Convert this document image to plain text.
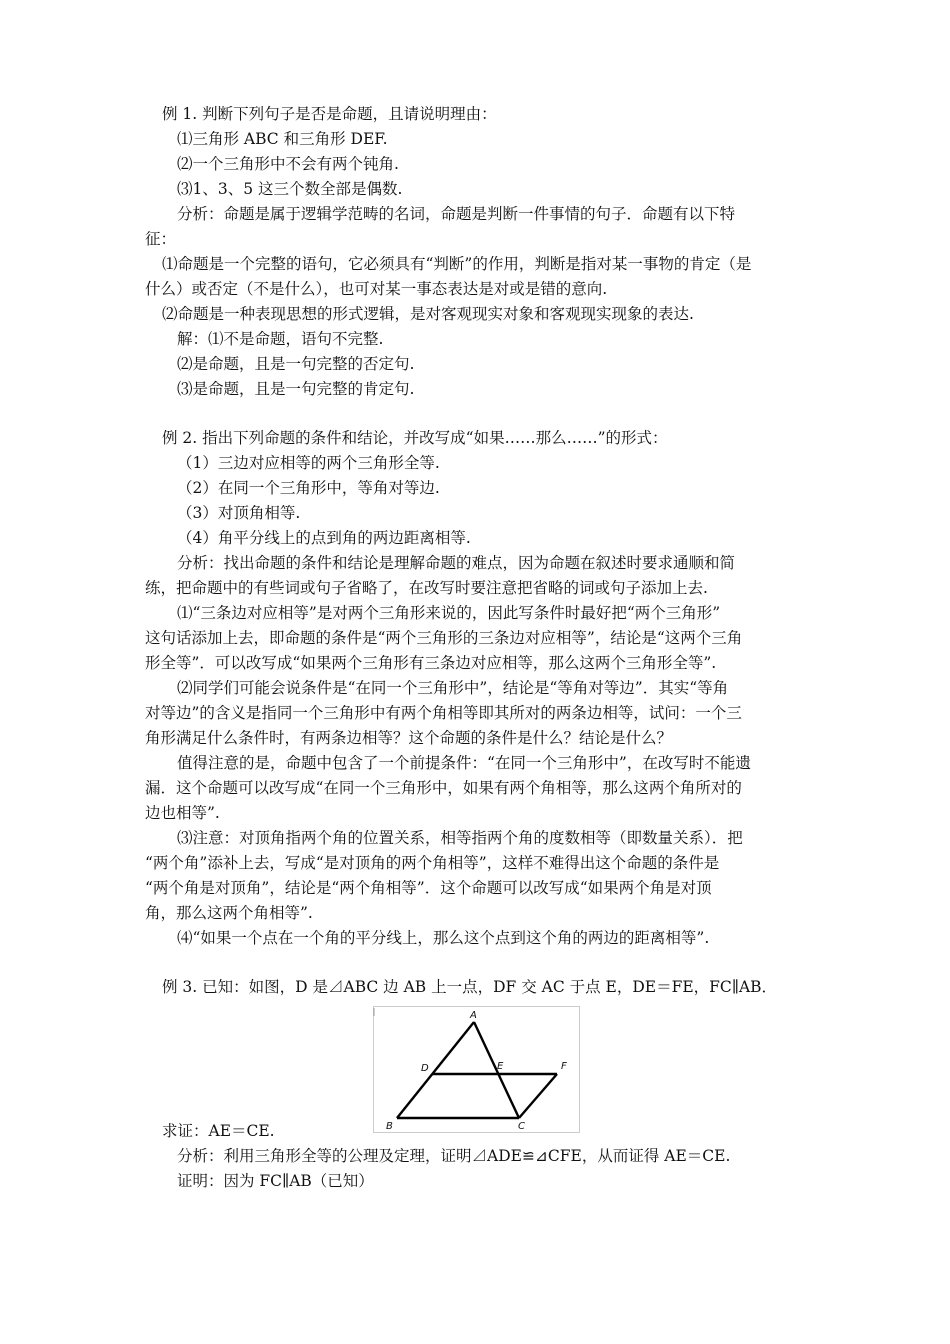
例 1. 判断下列句子是否是命题，且请说明理由：
⑴三角形 ABC 和三角形 DEF.
⑵一个三角形中不会有两个钝角.
⑶1、3、5 这三个数全部是偶数.
分析：命题是属于逻辑学范畴的名词，命题是判断一件事情的句子．命题有以下特
征：
⑴命题是一个完整的语句，它必须具有“判断”的作用，判断是指对某一事物的肯定（是
什么）或否定（不是什么），也可对某一事态表达是对或是错的意向.
⑵命题是一种表现思想的形式逻辑，是对客观现实对象和客观现实现象的表达.
解：⑴不是命题，语句不完整.
⑵是命题，且是一句完整的否定句.
⑶是命题，且是一句完整的肯定句.
例 2. 指出下列命题的条件和结论，并改写成“如果……那么……”的形式：
（1）三边对应相等的两个三角形全等.
（2）在同一个三角形中，等角对等边.
（3）对顶角相等.
（4）角平分线上的点到角的两边距离相等.
分析：找出命题的条件和结论是理解命题的难点，因为命题在叙述时要求通顺和简
练，把命题中的有些词或句子省略了，在改写时要注意把省略的词或句子添加上去.
⑴“三条边对应相等”是对两个三角形来说的，因此写条件时最好把“两个三角形”
这句话添加上去，即命题的条件是“两个三角形的三条边对应相等”，结论是“这两个三角
形全等”．可以改写成“如果两个三角形有三条边对应相等，那么这两个三角形全等”.
⑵同学们可能会说条件是“在同一个三角形中”，结论是“等角对等边”．其实“等角
对等边”的含义是指同一个三角形中有两个角相等即其所对的两条边相等，试问：一个三
角形满足什么条件时，有两条边相等？这个命题的条件是什么？结论是什么？
值得注意的是，命题中包含了一个前提条件：“在同一个三角形中”，在改写时不能遗
漏．这个命题可以改写成“在同一个三角形中，如果有两个角相等，那么这两个角所对的
边也相等”.
⑶注意：对顶角指两个角的位置关系，相等指两个角的度数相等（即数量关系）．把
“两个角”添补上去，写成“是对顶角的两个角相等”，这样不难得出这个命题的条件是
“两个角是对顶角”，结论是“两个角相等”．这个命题可以改写成“如果两个角是对顶
角，那么这两个角相等”.
⑷“如果一个点在一个角的平分线上，那么这个点到这个角的两边的距离相等”.
例 3. 已知：如图，D 是⊿ABC 边 AB 上一点，DF 交 AC 于点 E，DE＝FE，FC∥AB．
求证：AE＝CE.
分析：利用三角形全等的公理及定理，证明⊿ADE≌⊿CFE，从而证得 AE＝CE.
证明：因为 FC∥AB（已知）
A
B	C
D	E	F
